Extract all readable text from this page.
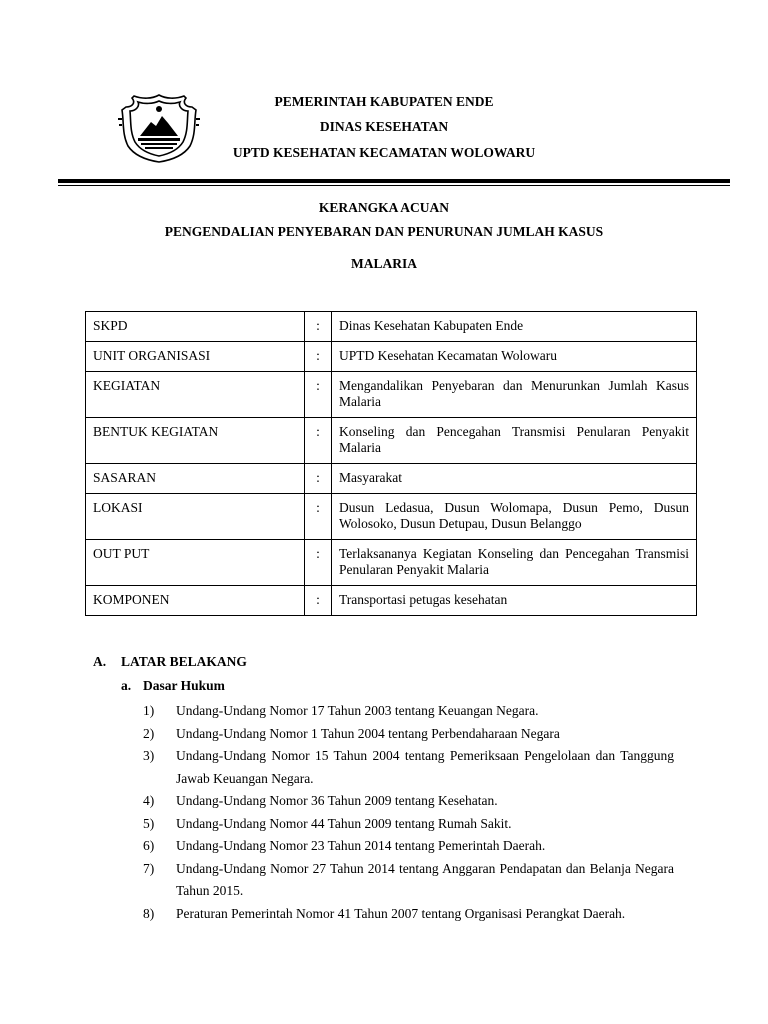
PEMERINTAH KABUPATEN ENDE
DINAS KESEHATAN
UPTD KESEHATAN KECAMATAN WOLOWARU
KERANGKA ACUAN
PENGENDALIAN PENYEBARAN DAN PENURUNAN JUMLAH KASUS
MALARIA
SKPD	:	Dinas Kesehatan Kabupaten Ende
UNIT ORGANISASI	:	UPTD Kesehatan Kecamatan Wolowaru
KEGIATAN	:	Mengandalikan Penyebaran dan Menurunkan Jumlah Kasus Malaria
BENTUK KEGIATAN	:	Konseling dan Pencegahan Transmisi Penularan Penyakit Malaria
SASARAN	:	Masyarakat
LOKASI	:	Dusun Ledasua, Dusun Wolomapa, Dusun Pemo, Dusun Wolosoko, Dusun Detupau, Dusun Belanggo
OUT PUT	:	Terlaksananya Kegiatan Konseling dan Pencegahan Transmisi Penularan Penyakit Malaria
KOMPONEN	:	Transportasi petugas kesehatan
A. LATAR BELAKANG
a. Dasar Hukum
1) Undang-Undang Nomor 17 Tahun 2003 tentang Keuangan Negara.
2) Undang-Undang Nomor 1 Tahun 2004 tentang Perbendaharaan Negara
3) Undang-Undang Nomor 15 Tahun 2004 tentang Pemeriksaan Pengelolaan dan Tanggung Jawab Keuangan Negara.
4) Undang-Undang Nomor 36 Tahun 2009 tentang Kesehatan.
5) Undang-Undang Nomor 44 Tahun 2009 tentang Rumah Sakit.
6) Undang-Undang Nomor 23 Tahun 2014 tentang Pemerintah Daerah.
7) Undang-Undang Nomor 27 Tahun 2014 tentang Anggaran Pendapatan dan Belanja Negara Tahun 2015.
8) Peraturan Pemerintah Nomor 41 Tahun 2007 tentang Organisasi Perangkat Daerah.
